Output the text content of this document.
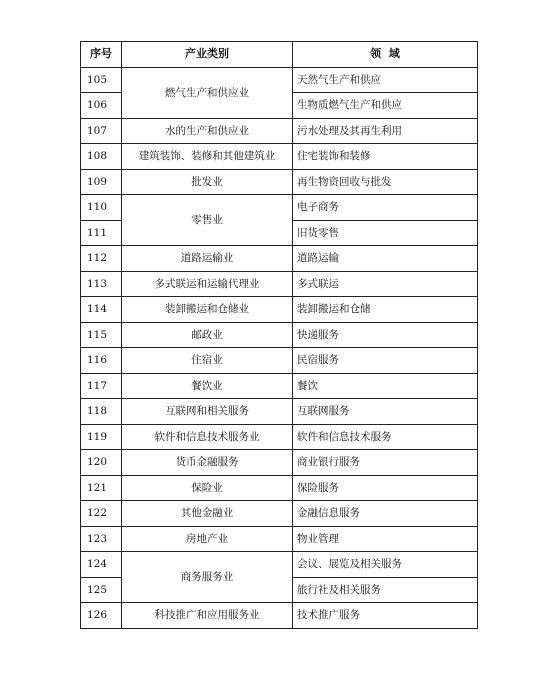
序号	产业类别	领  域
105	燃气生产和供应业	天然气生产和供应
106		生物质燃气生产和供应
107	水的生产和供应业	污水处理及其再生利用
108	建筑装饰、装修和其他建筑业	住宅装饰和装修
109	批发业	再生物资回收与批发
110	零售业	电子商务
111		旧货零售
112	道路运输业	道路运输
113	多式联运和运输代理业	多式联运
114	装卸搬运和仓储业	装卸搬运和仓储
115	邮政业	快递服务
116	住宿业	民宿服务
117	餐饮业	餐饮
118	互联网和相关服务	互联网服务
119	软件和信息技术服务业	软件和信息技术服务
120	货币金融服务	商业银行服务
121	保险业	保险服务
122	其他金融业	金融信息服务
123	房地产业	物业管理
124	商务服务业	会议、展览及相关服务
125		旅行社及相关服务
126	科技推广和应用服务业	技术推广服务
